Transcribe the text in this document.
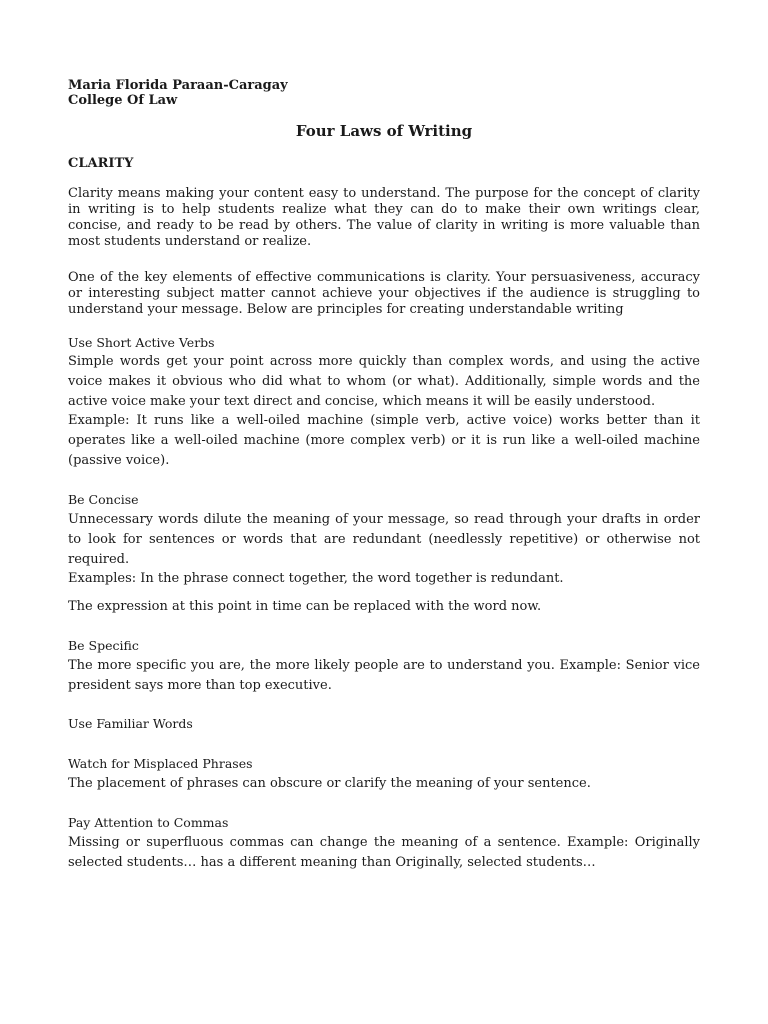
Maria Florida Paraan-Caragay
College Of Law
Four Laws of Writing
CLARITY

Clarity means making your content easy to understand. The purpose for the concept of clarity in writing is to help students realize what they can do to make their own writings clear, concise, and ready to be read by others. The value of clarity in writing is more valuable than most students understand or realize.

One of the key elements of effective communications is clarity. Your persuasiveness, accuracy or interesting subject matter cannot achieve your objectives if the audience is struggling to understand your message. Below are principles for creating understandable writing

Use Short Active Verbs

Simple words get your point across more quickly than complex words, and using the active voice makes it obvious who did what to whom (or what). Additionally, simple words and the active voice make your text direct and concise, which means it will be easily understood.

Example: It runs like a well-oiled machine (simple verb, active voice) works better than it operates like a well-oiled machine (more complex verb) or it is run like a well-oiled machine (passive voice).

Be Concise

Unnecessary words dilute the meaning of your message, so read through your drafts in order to look for sentences or words that are redundant (needlessly repetitive) or otherwise not required.

Examples: In the phrase connect together, the word together is redundant.

The expression at this point in time can be replaced with the word now.

Be Specific

The more specific you are, the more likely people are to understand you. Example: Senior vice president says more than top executive.

Use Familiar Words
Watch for Misplaced Phrases

The placement of phrases can obscure or clarify the meaning of your sentence.

Pay Attention to Commas

Missing or superfluous commas can change the meaning of a sentence. Example: Originally selected students… has a different meaning than Originally, selected students…
